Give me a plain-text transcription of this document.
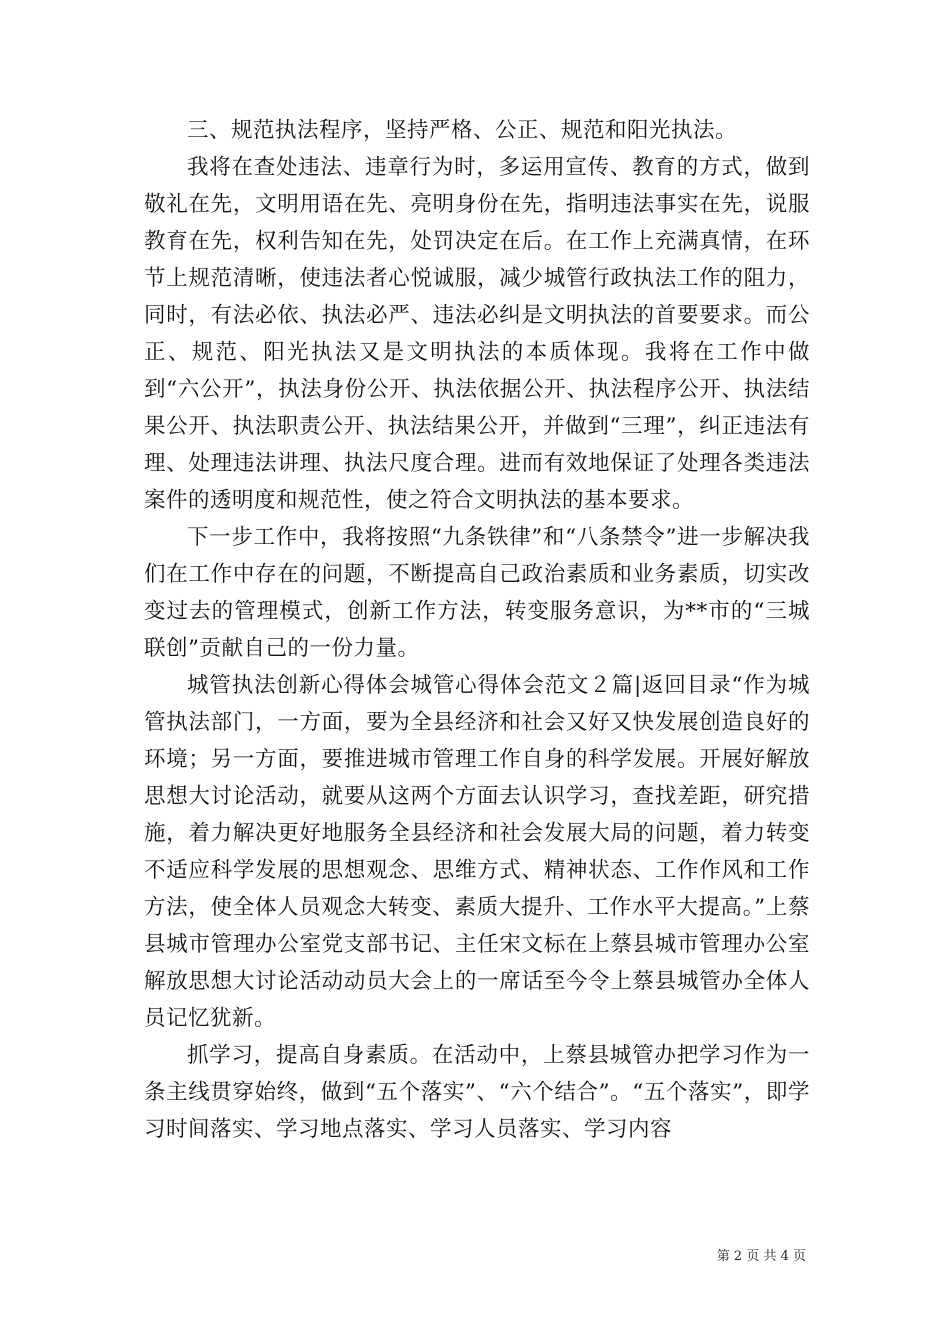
三、规范执法程序，坚持严格、公正、规范和阳光执法。

我将在查处违法、违章行为时，多运用宣传、教育的方式，做到敬礼在先，文明用语在先、亮明身份在先，指明违法事实在先，说服教育在先，权利告知在先，处罚决定在后。在工作上充满真情，在环节上规范清晰，使违法者心悦诚服，减少城管行政执法工作的阻力，同时，有法必依、执法必严、违法必纠是文明执法的首要要求。而公正、规范、阳光执法又是文明执法的本质体现。我将在工作中做到“六公开”，执法身份公开、执法依据公开、执法程序公开、执法结果公开、执法职责公开、执法结果公开，并做到“三理”，纠正违法有理、处理违法讲理、执法尺度合理。进而有效地保证了处理各类违法案件的透明度和规范性，使之符合文明执法的基本要求。

下一步工作中，我将按照“九条铁律”和“八条禁令”进一步解决我们在工作中存在的问题，不断提高自己政治素质和业务素质，切实改变过去的管理模式，创新工作方法，转变服务意识，为**市的“三城联创”贡献自己的一份力量。

城管执法创新心得体会城管心得体会范文２篇|返回目录“作为城管执法部门，一方面，要为全县经济和社会又好又快发展创造良好的环境；另一方面，要推进城市管理工作自身的科学发展。开展好解放思想大讨论活动，就要从这两个方面去认识学习，查找差距，研究措施，着力解决更好地服务全县经济和社会发展大局的问题，着力转变不适应科学发展的思想观念、思维方式、精神状态、工作作风和工作方法，使全体人员观念大转变、素质大提升、工作水平大提高。”上蔡县城市管理办公室党支部书记、主任宋文标在上蔡县城市管理办公室解放思想大讨论活动动员大会上的一席话至今令上蔡县城管办全体人员记忆犹新。

抓学习，提高自身素质。在活动中，上蔡县城管办把学习作为一条主线贯穿始终，做到“五个落实”、“六个结合”。“五个落实”，即学习时间落实、学习地点落实、学习人员落实、学习内容

第 2 页 共 4 页
